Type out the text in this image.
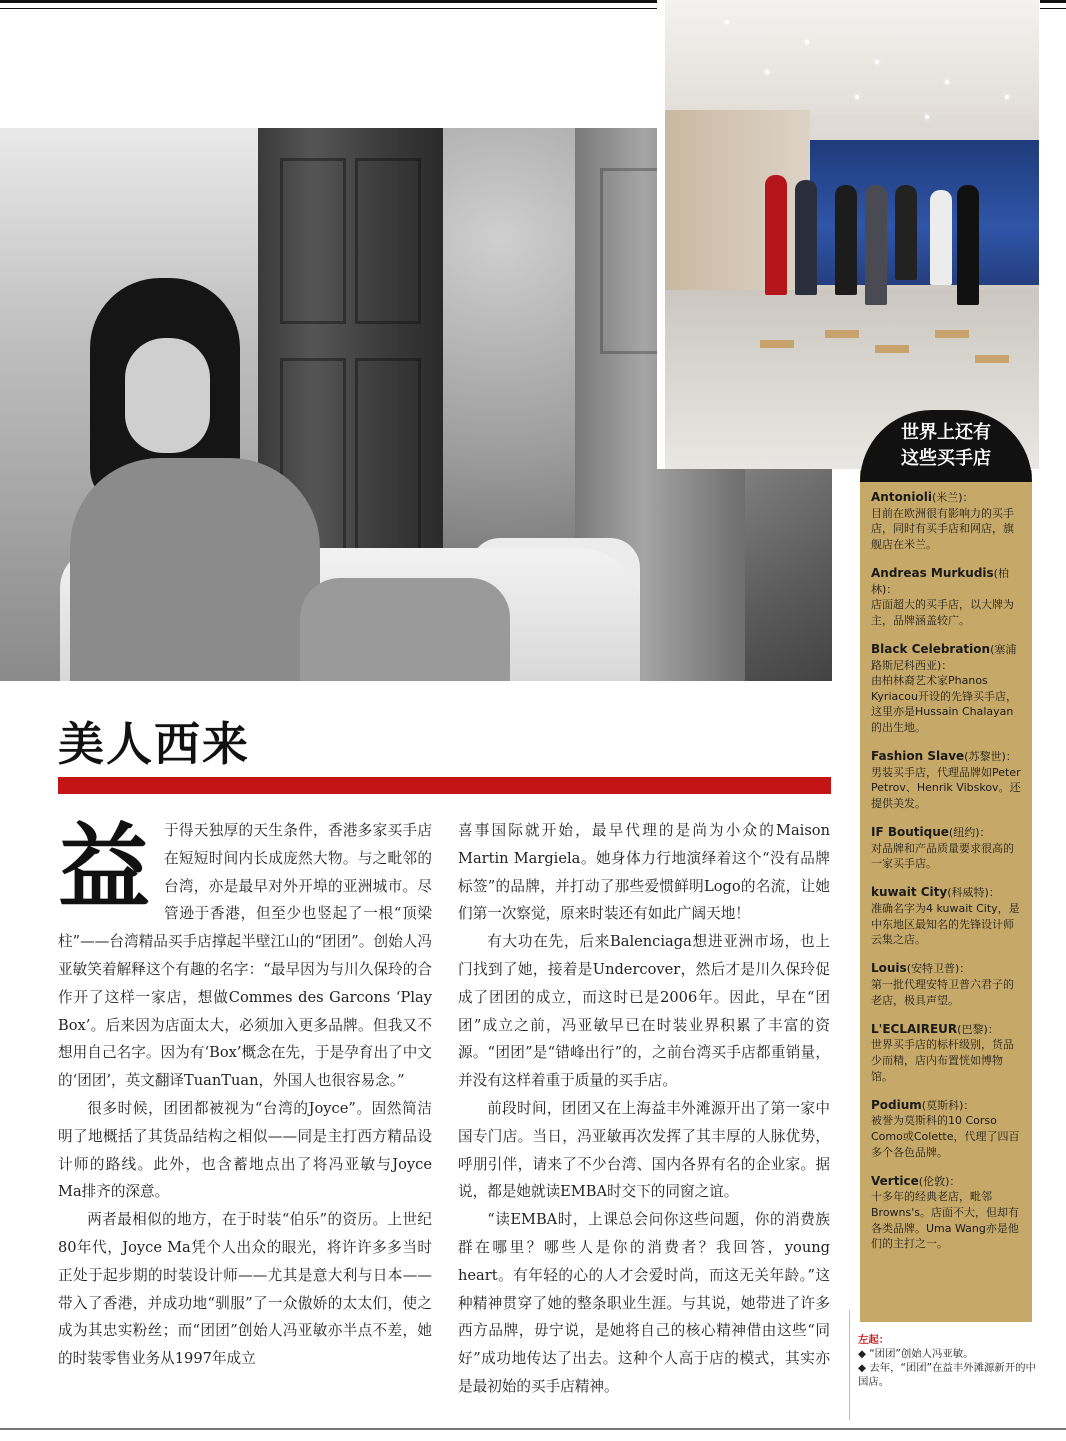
美人西来
益 于得天独厚的天生条件，香港多家买手店在短短时间内长成庞然大物。与之毗邻的台湾，亦是最早对外开埠的亚洲城市。尽管逊于香港，但至少也竖起了一根“顶梁柱”——台湾精品买手店撑起半壁江山的“团团”。创始人冯亚敏笑着解释这个有趣的名字：“最早因为与川久保玲的合作开了这样一家店，想做Commes des Garcons ‘Play Box’。后来因为店面太大，必须加入更多品牌。但我又不想用自己名字。因为有‘Box’概念在先，于是孕育出了中文的‘团团’，英文翻译TuanTuan，外国人也很容易念。”

很多时候，团团都被视为“台湾的Joyce”。固然简洁明了地概括了其货品结构之相似——同是主打西方精品设计师的路线。此外，也含蓄地点出了将冯亚敏与Joyce Ma排齐的深意。

两者最相似的地方，在于时装“伯乐”的资历。上世纪80年代，Joyce Ma凭个人出众的眼光，将许许多多当时正处于起步期的时装设计师——尤其是意大利与日本——带入了香港，并成功地“驯服”了一众傲娇的太太们，使之成为其忠实粉丝；而“团团”创始人冯亚敏亦半点不差，她的时装零售业务从1997年成立

喜事国际就开始，最早代理的是尚为小众的Maison Martin Margiela。她身体力行地演绎着这个“没有品牌标签”的品牌，并打动了那些爱惯鲜明Logo的名流，让她们第一次察觉，原来时装还有如此广阔天地！

有大功在先，后来Balenciaga想进亚洲市场，也上门找到了她，接着是Undercover，然后才是川久保玲促成了团团的成立，而这时已是2006年。因此，早在“团团”成立之前，冯亚敏早已在时装业界积累了丰富的资源。“团团”是“错峰出行”的，之前台湾买手店都重销量，并没有这样着重于质量的买手店。

前段时间，团团又在上海益丰外滩源开出了第一家中国专门店。当日，冯亚敏再次发挥了其丰厚的人脉优势，呼朋引伴，请来了不少台湾、国内各界有名的企业家。据说，都是她就读EMBA时交下的同窗之谊。

“读EMBA时，上课总会问你这些问题，你的消费族群在哪里？哪些人是你的消费者？我回答，young heart。有年轻的心的人才会爱时尚，而这无关年龄。”这种精神贯穿了她的整条职业生涯。与其说，她带进了许多西方品牌，毋宁说，是她将自己的核心精神借由这些“同好”成功地传达了出去。这种个人高于店的模式，其实亦是最初始的买手店精神。

世界上还有
这些买手店
Antonioli(米兰)：
目前在欧洲很有影响力的买手店，同时有买手店和网店，旗舰店在米兰。
Andreas Murkudis(柏林)：
店面超大的买手店，以大牌为主，品牌涵盖较广。
Black Celebration(塞浦路斯尼科西亚)：
由柏林裔艺术家Phanos Kyriacou开设的先锋买手店，这里亦是Hussain Chalayan的出生地。
Fashion Slave(苏黎世)：
男装买手店，代理品牌如Peter Petrov、Henrik Vibskov。还提供美发。
IF Boutique(纽约)：
对品牌和产品质量要求很高的一家买手店。
kuwait City(科威特)：
准确名字为4 kuwait City，是中东地区最知名的先锋设计师云集之店。
Louis(安特卫普)：
第一批代理安特卫普六君子的老店，极具声望。
L'ECLAIREUR(巴黎)：
世界买手店的标杆级别，货品少而精，店内布置恍如博物馆。
Podium(莫斯科)：
被誉为莫斯科的10 Corso Como或Colette，代理了四百多个各色品牌。
Vertice(伦敦)：
十多年的经典老店，毗邻Browns's。店面不大，但却有各类品牌。Uma Wang亦是他们的主打之一。
左起：
◆ “团团”创始人冯亚敏。
◆ 去年，“团团”在益丰外滩源新开的中国店。
